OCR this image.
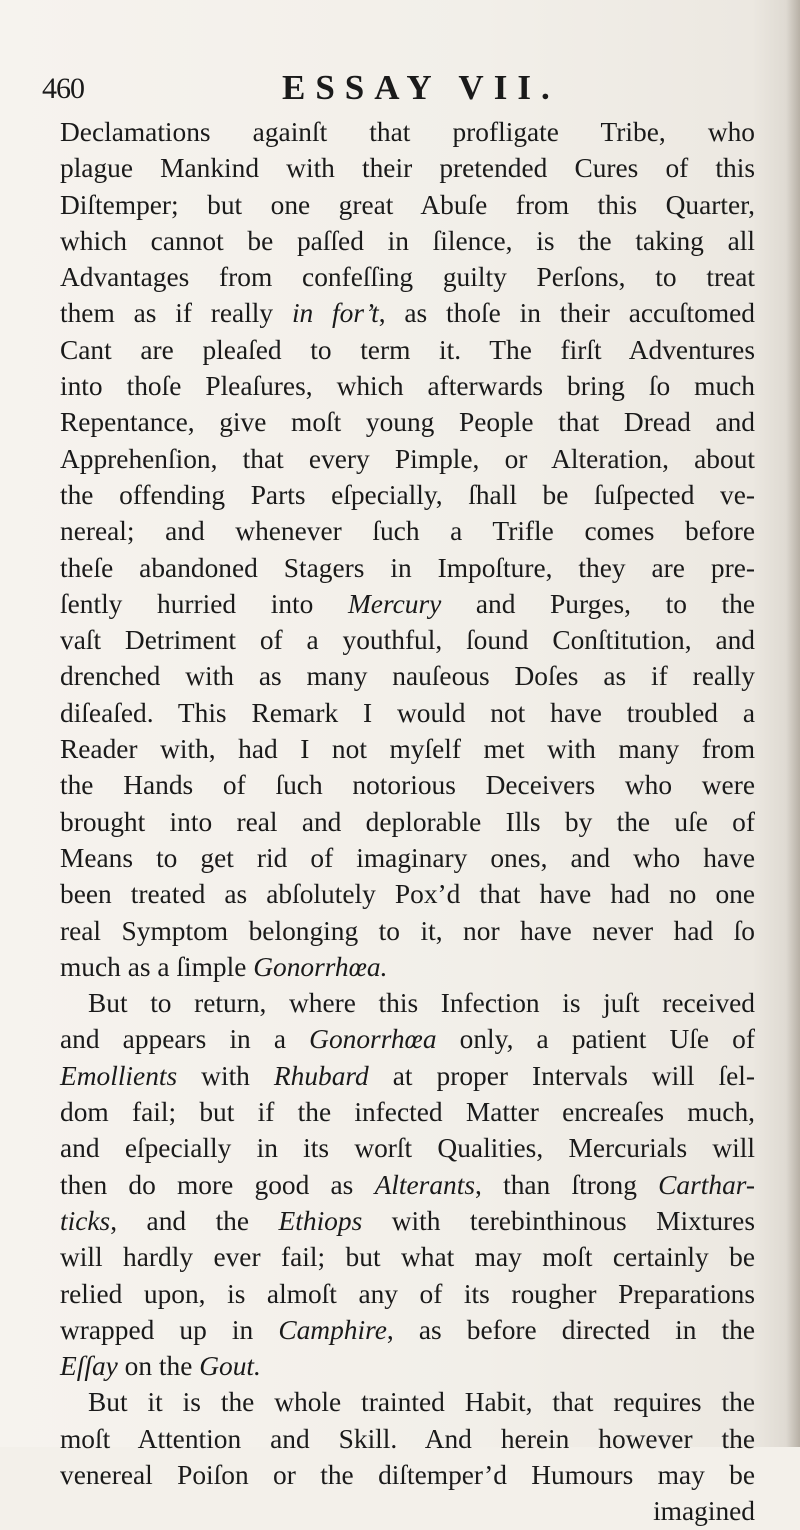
460	ESSAY VII.
Declamations againſt that profligate Tribe, who
plague Mankind with their pretended Cures of this
Diſtemper; but one great Abuſe from this Quarter,
which cannot be paſſed in ſilence, is the taking all
Advantages from confeſſing guilty Perſons, to treat
them as if really in for’t, as thoſe in their accuſtomed
Cant are pleaſed to term it. The firſt Adventures
into thoſe Pleaſures, which afterwards bring ſo much
Repentance, give moſt young People that Dread and
Apprehenſion, that every Pimple, or Alteration, about
the offending Parts eſpecially, ſhall be ſuſpected ve-
nereal; and whenever ſuch a Trifle comes before
theſe abandoned Stagers in Impoſture, they are pre-
ſently hurried into Mercury and Purges, to the
vaſt Detriment of a youthful, ſound Conſtitution, and
drenched with as many nauſeous Doſes as if really
diſeaſed. This Remark I would not have troubled a
Reader with, had I not myſelf met with many from
the Hands of ſuch notorious Deceivers who were
brought into real and deplorable Ills by the uſe of
Means to get rid of imaginary ones, and who have
been treated as abſolutely Pox’d that have had no one
real Symptom belonging to it, nor have never had ſo
much as a ſimple Gonorrhœa.
But to return, where this Infection is juſt received
and appears in a Gonorrhœa only, a patient Uſe of
Emollients with Rhubard at proper Intervals will ſel-
dom fail; but if the infected Matter encreaſes much,
and eſpecially in its worſt Qualities, Mercurials will
then do more good as Alterants, than ſtrong Carthar-
ticks, and the Ethiops with terebinthinous Mixtures
will hardly ever fail; but what may moſt certainly be
relied upon, is almoſt any of its rougher Preparations
wrapped up in Camphire, as before directed in the
Eſſay on the Gout.
But it is the whole trainted Habit, that requires the
moſt Attention and Skill. And herein however the
venereal Poiſon or the diſtemper’d Humours may be
imagined
